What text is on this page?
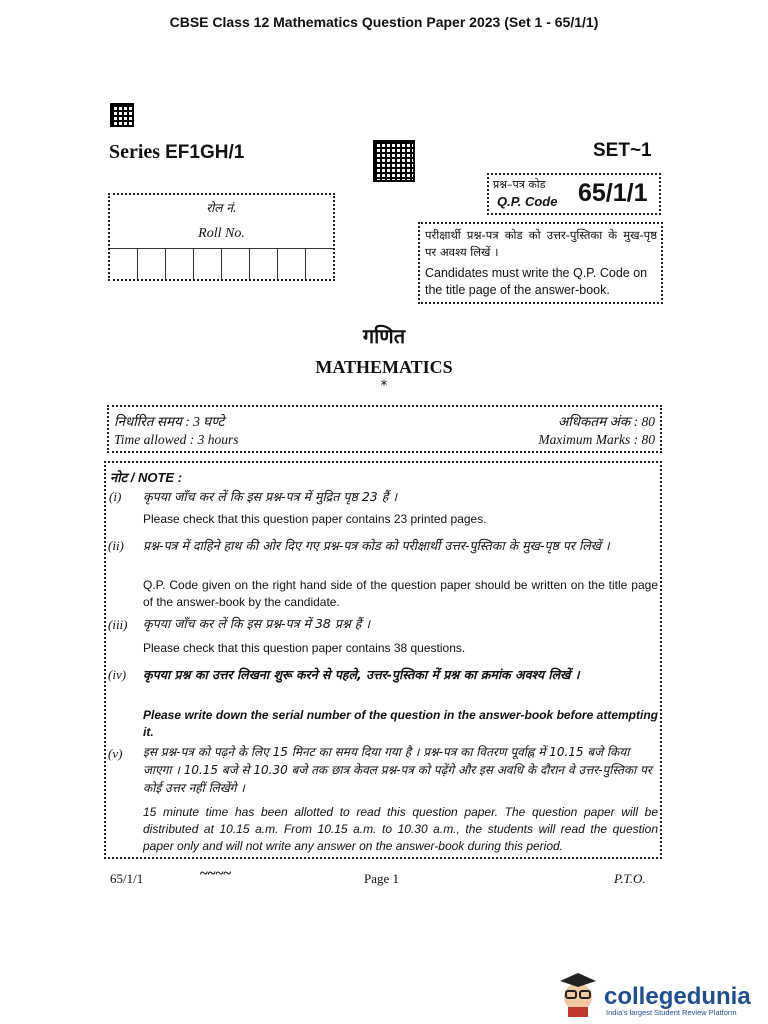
CBSE Class 12 Mathematics Question Paper 2023 (Set 1 - 65/1/1)
Series EF1GH/1	SET~1
प्रश्न–पत्र कोड
Q.P. Code 65/1/1
रोल नं.
Roll No.	परीक्षार्थी प्रश्न-पत्र कोड को उत्तर-पुस्तिका के मुख-पृष्ठ पर अवश्य लिखें ।
Candidates must write the Q.P. Code on the title page of the answer-book.
गणित
MATHEMATICS
*
निर्धारित समय : 3 घण्टे
Time allowed : 3 hours
अधिकतम अंक : 80
Maximum Marks : 80
नोट / NOTE :
(i) कृपया जाँच कर लें कि इस प्रश्न-पत्र में मुद्रित पृष्ठ 23 हैं ।
Please check that this question paper contains 23 printed pages.
(ii) प्रश्न-पत्र में दाहिने हाथ की ओर दिए गए प्रश्न-पत्र कोड को परीक्षार्थी उत्तर-पुस्तिका के मुख-पृष्ठ पर लिखें ।
Q.P. Code given on the right hand side of the question paper should be written on the title page of the answer-book by the candidate.
(iii) कृपया जाँच कर लें कि इस प्रश्न-पत्र में 38 प्रश्न हैं ।
Please check that this question paper contains 38 questions.
(iv) कृपया प्रश्न का उत्तर लिखना शुरू करने से पहले, उत्तर-पुस्तिका में प्रश्न का क्रमांक अवश्य लिखें ।
Please write down the serial number of the question in the answer-book before attempting it.
(v) इस प्रश्न-पत्र को पढ़ने के लिए 15 मिनट का समय दिया गया है । प्रश्न-पत्र का वितरण पूर्वाह्न में 10.15 बजे किया जाएगा । 10.15 बजे से 10.30 बजे तक छात्र केवल प्रश्न-पत्र को पढ़ेंगे और इस अवधि के दौरान वे उत्तर-पुस्तिका पर कोई उत्तर नहीं लिखेंगे ।
15 minute time has been allotted to read this question paper. The question paper will be distributed at 10.15 a.m. From 10.15 a.m. to 10.30 a.m., the students will read the question paper only and will not write any answer on the answer-book during this period.
65/1/1	~~~~	Page 1	P.T.O.
collegedunia
India's largest Student Review Platform
